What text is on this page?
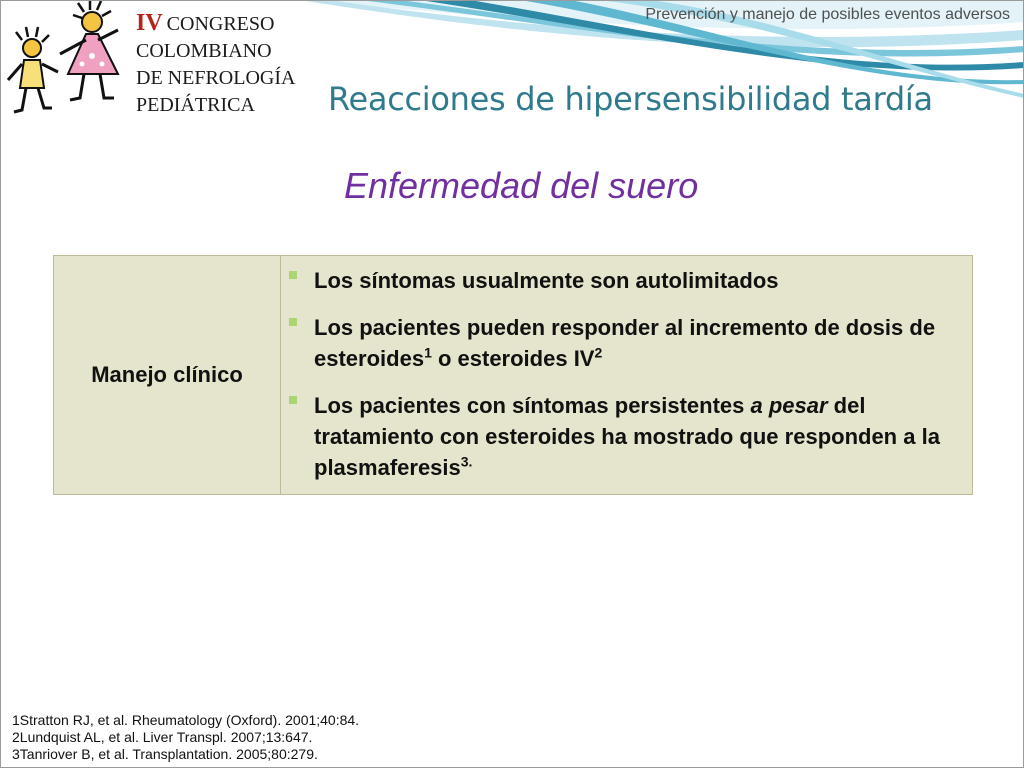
IV CONGRESO
COLOMBIANO
DE NEFROLOGÍA
PEDIÁTRICA
Prevención y manejo de posibles eventos adversos
Reacciones de hipersensibilidad tardía
Enfermedad del suero
Manejo clínico
Los síntomas usualmente son autolimitados
Los pacientes pueden responder al incremento de dosis de esteroides$^1$ o esteroides $IV^2$
Los pacientes con síntomas persistentes a pesar del tratamiento con esteroides ha mostrado que responden a la plasmaferesis$^{3.}$
1Stratton RJ, et al. Rheumatology (Oxford). 2001;40:84.
2Lundquist AL, et al. Liver Transpl. 2007;13:647.
3Tanriover B, et al. Transplantation. 2005;80:279.
